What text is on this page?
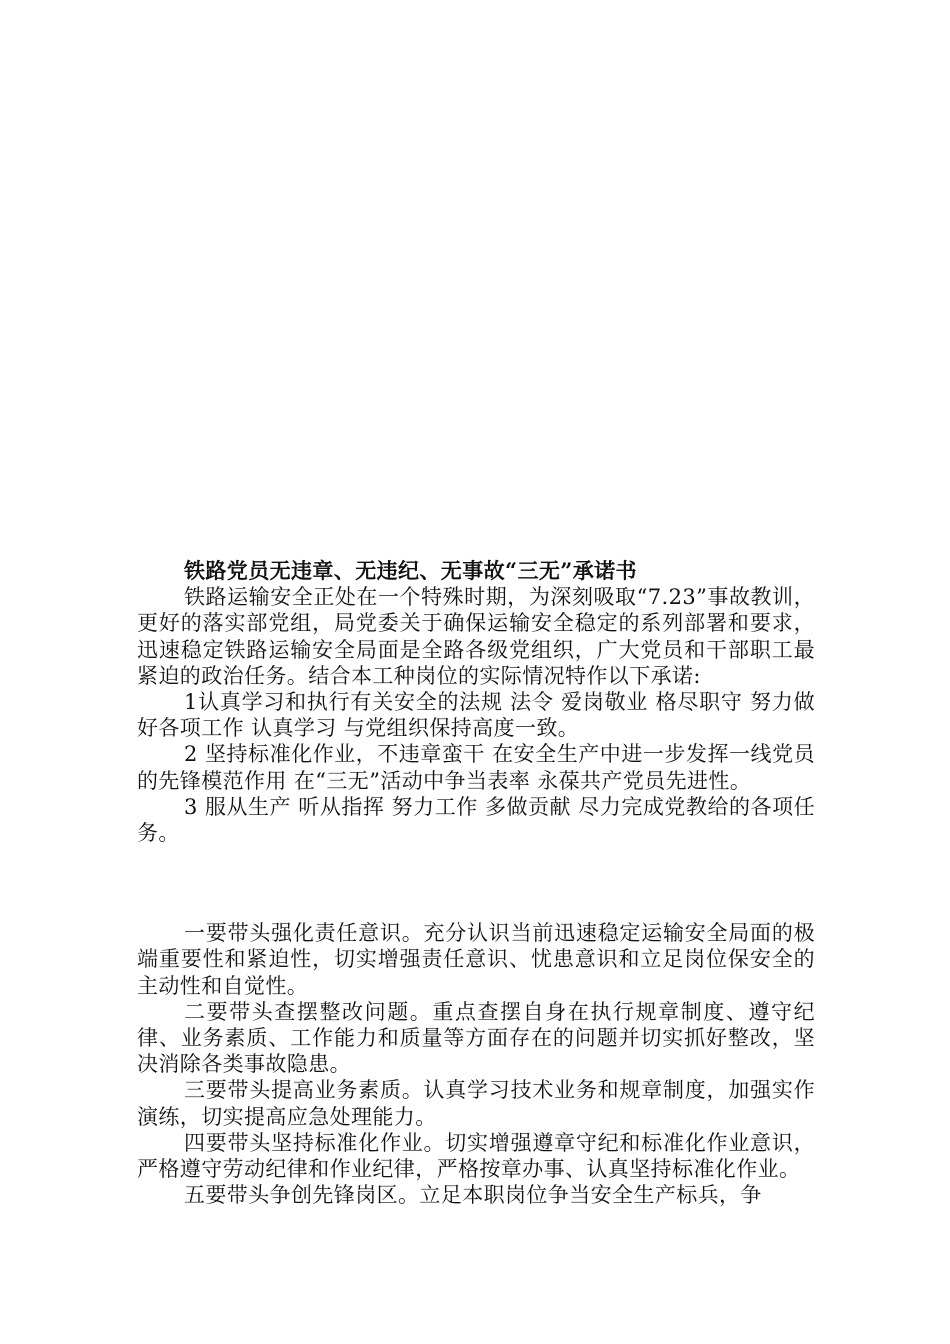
铁路党员无违章、无违纪、无事故“三无”承诺书

铁路运输安全正处在一个特殊时期，为深刻吸取“7.23”事故教训，更好的落实部党组，局党委关于确保运输安全稳定的系列部署和要求，迅速稳定铁路运输安全局面是全路各级党组织，广大党员和干部职工最紧迫的政治任务。结合本工种岗位的实际情况特作以下承诺:

1认真学习和执行有关安全的法规 法令 爱岗敬业 格尽职守 努力做好各项工作 认真学习 与党组织保持高度一致。

2 坚持标准化作业，不违章蛮干 在安全生产中进一步发挥一线党员的先锋模范作用 在“三无”活动中争当表率 永葆共产党员先进性。

3 服从生产 听从指挥 努力工作 多做贡献 尽力完成党教给的各项任务。

一要带头强化责任意识。充分认识当前迅速稳定运输安全局面的极端重要性和紧迫性，切实增强责任意识、忧患意识和立足岗位保安全的主动性和自觉性。

二要带头查摆整改问题。重点查摆自身在执行规章制度、遵守纪律、业务素质、工作能力和质量等方面存在的问题并切实抓好整改，坚决消除各类事故隐患。

三要带头提高业务素质。认真学习技术业务和规章制度，加强实作演练，切实提高应急处理能力。

四要带头坚持标准化作业。切实增强遵章守纪和标准化作业意识，严格遵守劳动纪律和作业纪律，严格按章办事、认真坚持标准化作业。

五要带头争创先锋岗区。立足本职岗位争当安全生产标兵，争
